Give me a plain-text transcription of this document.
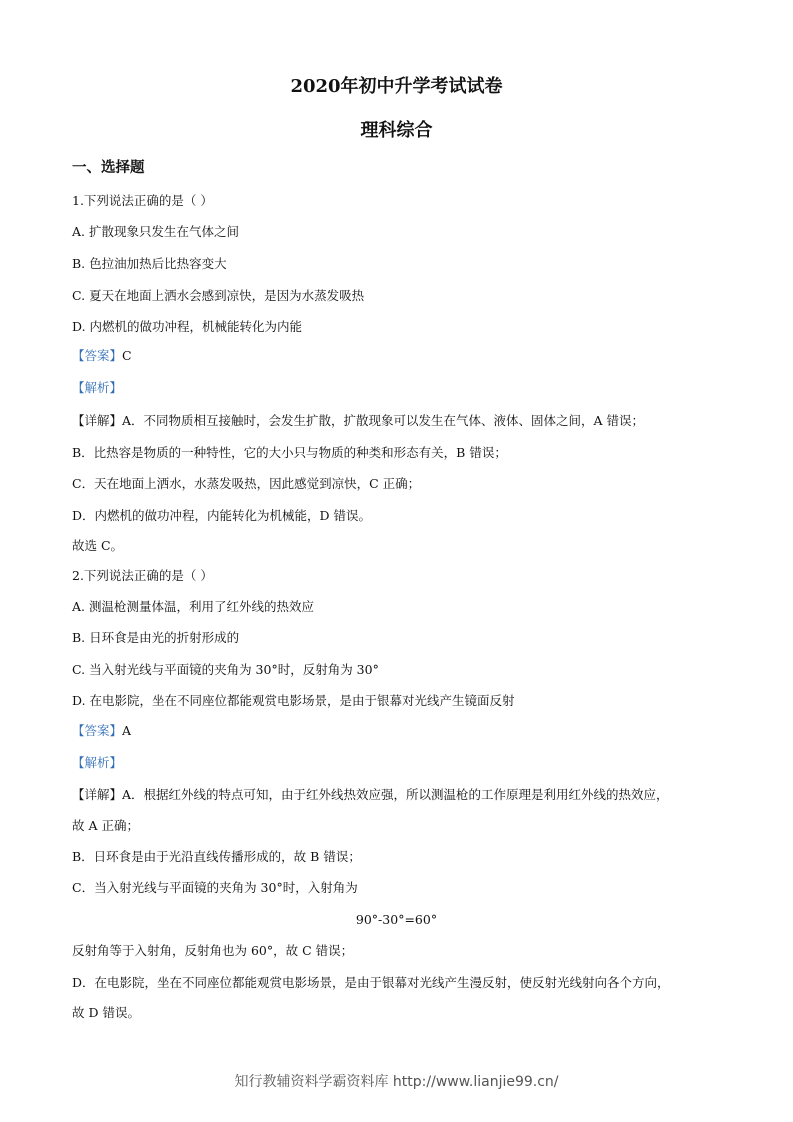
2020年初中升学考试试卷
理科综合
一、选择题
1.下列说法正确的是（ ）
A. 扩散现象只发生在气体之间
B. 色拉油加热后比热容变大
C. 夏天在地面上洒水会感到凉快，是因为水蒸发吸热
D. 内燃机的做功冲程，机械能转化为内能
【答案】C
【解析】
【详解】A．不同物质相互接触时，会发生扩散，扩散现象可以发生在气体、液体、固体之间，A 错误；
B．比热容是物质的一种特性，它的大小只与物质的种类和形态有关，B 错误；
C．天在地面上洒水，水蒸发吸热，因此感觉到凉快，C 正确；
D．内燃机的做功冲程，内能转化为机械能，D 错误。
故选 C。
2.下列说法正确的是（ ）
A. 测温枪测量体温，利用了红外线的热效应
B. 日环食是由光的折射形成的
C. 当入射光线与平面镜的夹角为 30°时，反射角为 30°
D. 在电影院，坐在不同座位都能观赏电影场景，是由于银幕对光线产生镜面反射
【答案】A
【解析】
【详解】A．根据红外线的特点可知，由于红外线热效应强，所以测温枪的工作原理是利用红外线的热效应，
故 A 正确；
B．日环食是由于光沿直线传播形成的，故 B 错误；
C．当入射光线与平面镜的夹角为 30°时，入射角为
90°-30°=60°
反射角等于入射角，反射角也为 60°，故 C 错误；
D．在电影院，坐在不同座位都能观赏电影场景，是由于银幕对光线产生漫反射，使反射光线射向各个方向，
故 D 错误。
知行教辅资料学霸资料库 http://www.lianjie99.cn/
